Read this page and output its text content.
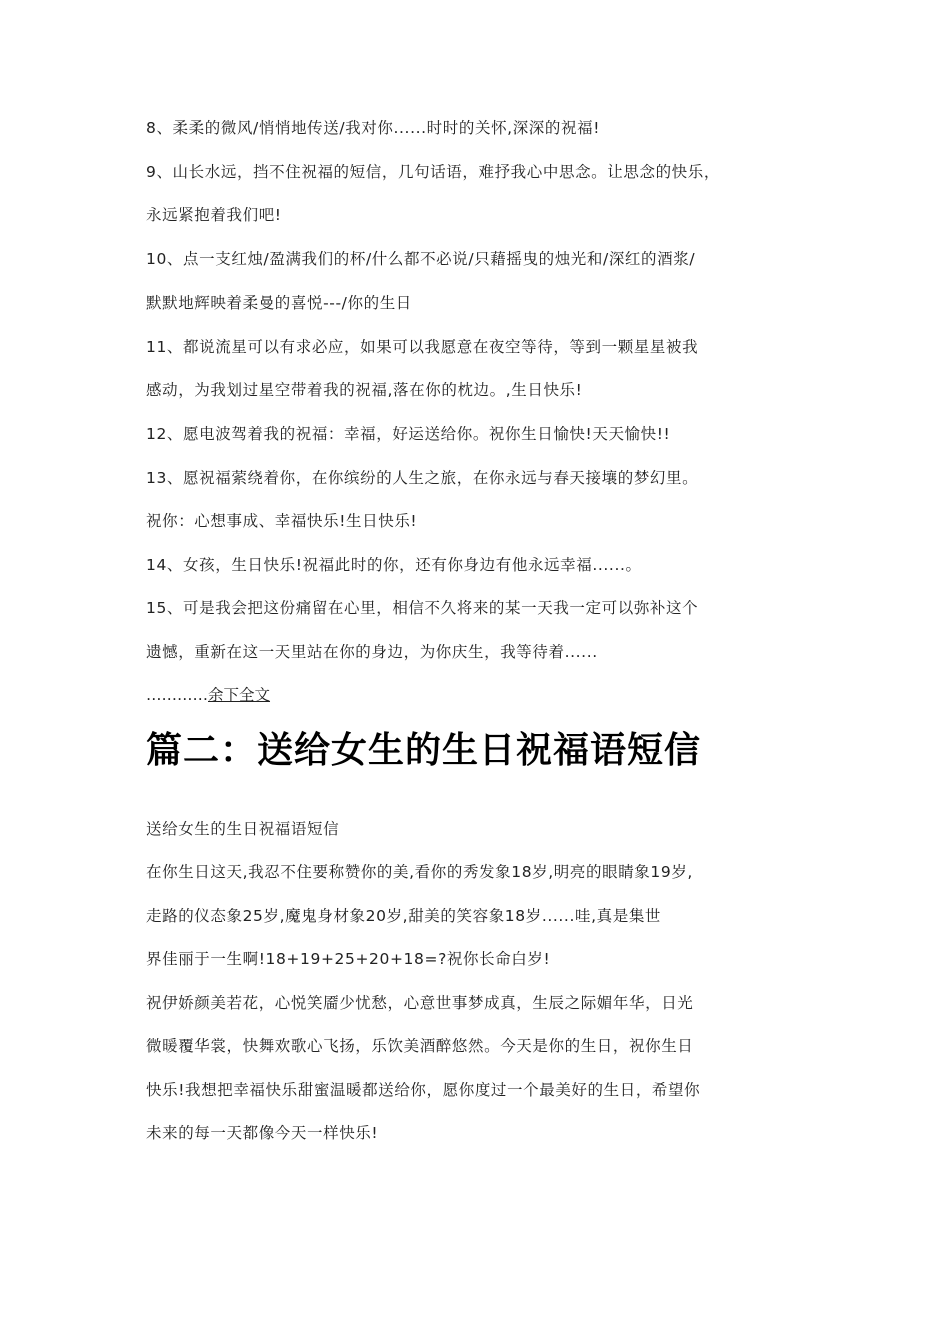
8、柔柔的微风/悄悄地传送/我对你......时时的关怀,深深的祝福!
9、山长水远，挡不住祝福的短信，几句话语，难抒我心中思念。让思念的快乐，
永远紧抱着我们吧!
10、点一支红烛/盈满我们的杯/什么都不必说/只藉摇曳的烛光和/深红的酒浆/
默默地辉映着柔曼的喜悦---/你的生日
11、都说流星可以有求必应，如果可以我愿意在夜空等待，等到一颗星星被我
感动，为我划过星空带着我的祝福,落在你的枕边。,生日快乐!
12、愿电波驾着我的祝福：幸福，好运送给你。祝你生日愉快!天天愉快!!
13、愿祝福萦绕着你，在你缤纷的人生之旅，在你永远与春天接壤的梦幻里。
祝你：心想事成、幸福快乐!生日快乐!
14、女孩，生日快乐!祝福此时的你，还有你身边有他永远幸福......。
15、可是我会把这份痛留在心里，相信不久将来的某一天我一定可以弥补这个
遗憾，重新在这一天里站在你的身边，为你庆生，我等待着......
…………余下全文
篇二：送给女生的生日祝福语短信
送给女生的生日祝福语短信
在你生日这天,我忍不住要称赞你的美,看你的秀发象18岁,明亮的眼睛象19岁,
走路的仪态象25岁,魔鬼身材象20岁,甜美的笑容象18岁......哇,真是集世
界佳丽于一生啊!18+19+25+20+18=?祝你长命白岁!
祝伊娇颜美若花，心悦笑靥少忧愁，心意世事梦成真，生辰之际媚年华，日光
微暖覆华裳，快舞欢歌心飞扬，乐饮美酒醉悠然。今天是你的生日，祝你生日
快乐!我想把幸福快乐甜蜜温暖都送给你，愿你度过一个最美好的生日，希望你
未来的每一天都像今天一样快乐!
